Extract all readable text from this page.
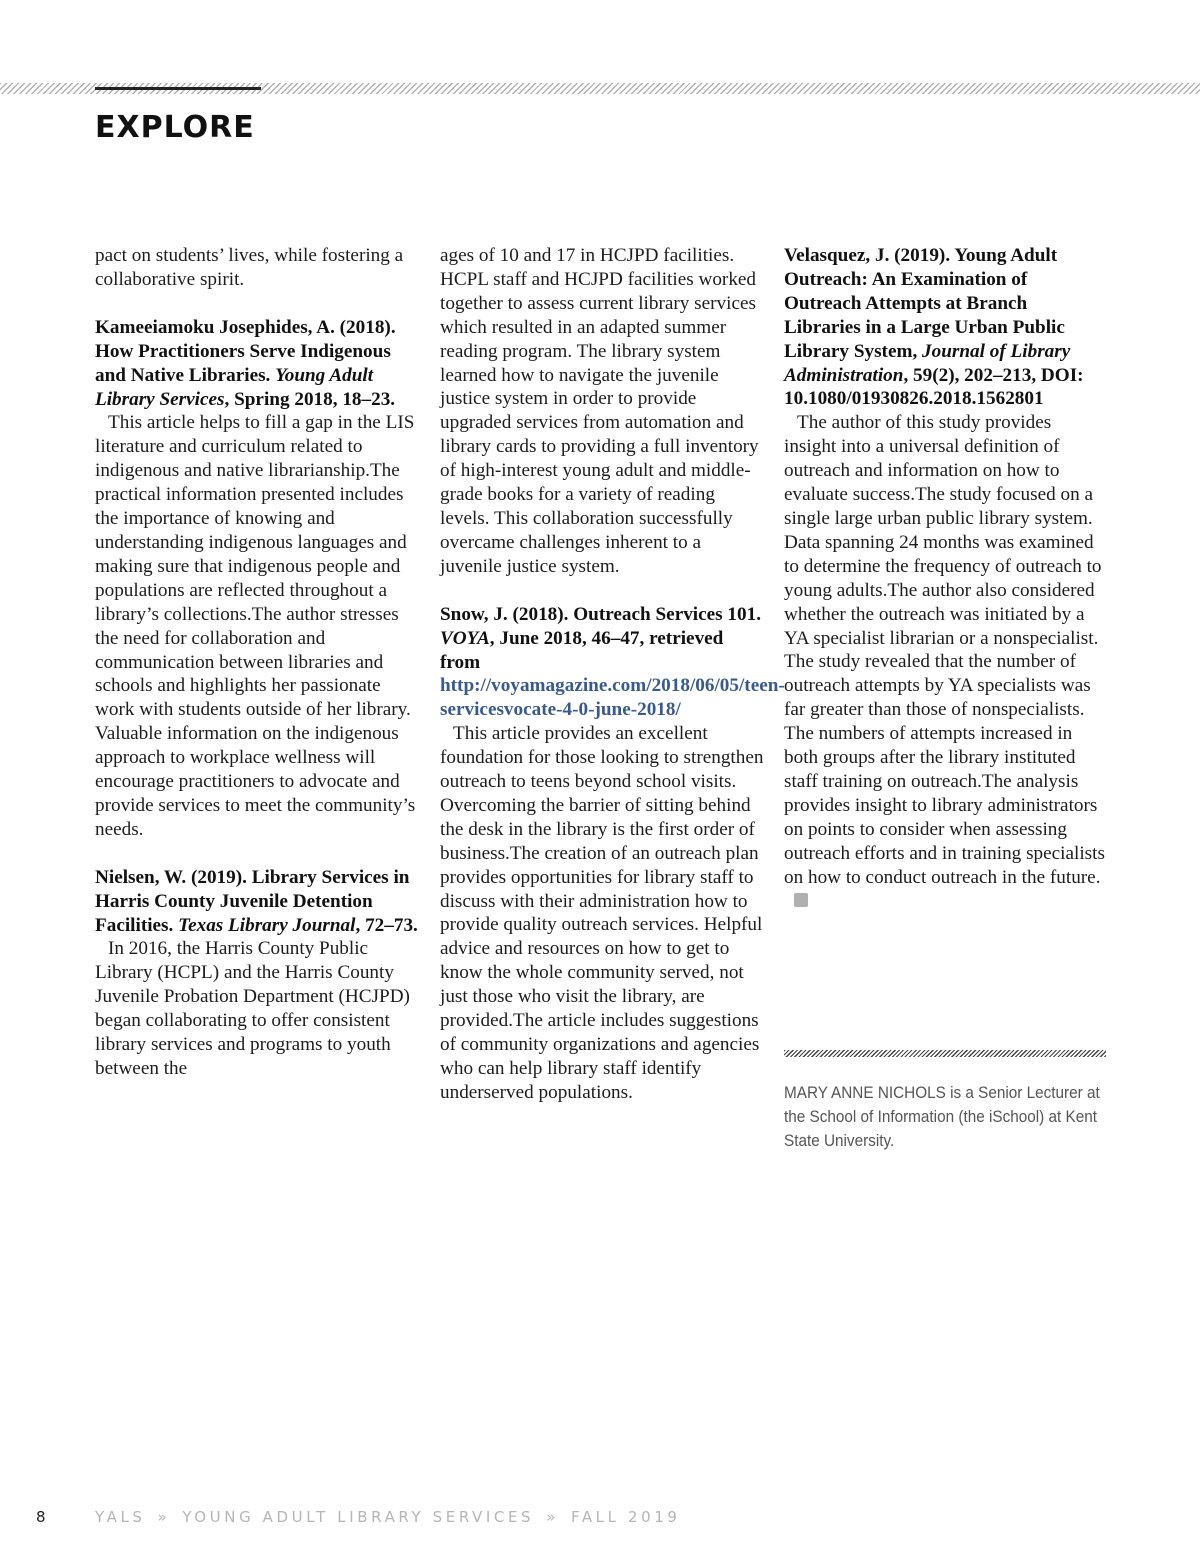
EXPLORE

pact on students’ lives, while fostering a collaborative spirit.

Kameeiamoku Josephides, A. (2018). How Practitioners Serve Indigenous and Native Libraries. Young Adult Library Services, Spring 2018, 18–23.

This article helps to fill a gap in the LIS literature and curriculum related to indigenous and native librarianship.The practical information presented includes the importance of knowing and understanding indigenous languages and making sure that indigenous people and populations are reflected throughout a library’s collections.The author stresses the need for collaboration and communication between libraries and schools and highlights her passionate work with students outside of her library. Valuable information on the indigenous approach to workplace wellness will encourage practitioners to advocate and provide services to meet the community’s needs.

Nielsen, W. (2019). Library Services in Harris County Juvenile Detention Facilities. Texas Library Journal, 72–73.

In 2016, the Harris County Public Library (HCPL) and the Harris County Juvenile Probation Department (HCJPD) began collaborating to offer consistent library services and programs to youth between the

ages of 10 and 17 in HCJPD facilities. HCPL staff and HCJPD facilities worked together to assess current library services which resulted in an adapted summer reading program. The library system learned how to navigate the juvenile justice system in order to provide upgraded services from automation and library cards to providing a full inventory of high-interest young adult and middle-grade books for a variety of reading levels. This collaboration successfully overcame challenges inherent to a juvenile justice system.

Snow, J. (2018). Outreach Services 101. VOYA, June 2018, 46–47, retrieved from http://voyamagazine.com/2018/06/05/teen-servicesvocate-4-0-june-2018/

This article provides an excellent foundation for those looking to strengthen outreach to teens beyond school visits. Overcoming the barrier of sitting behind the desk in the library is the first order of business.The creation of an outreach plan provides opportunities for library staff to discuss with their administration how to provide quality outreach services. Helpful advice and resources on how to get to know the whole community served, not just those who visit the library, are provided.The article includes suggestions of community organizations and agencies who can help library staff identify underserved populations.

Velasquez, J. (2019). Young Adult Outreach: An Examination of Outreach Attempts at Branch Libraries in a Large Urban Public Library System, Journal of Library Administration, 59(2), 202–213, DOI: 10.1080/01930826.2018.1562801

The author of this study provides insight into a universal definition of outreach and information on how to evaluate success.The study focused on a single large urban public library system. Data spanning 24 months was examined to determine the frequency of outreach to young adults.The author also considered whether the outreach was initiated by a YA specialist librarian or a nonspecialist. The study revealed that the number of outreach attempts by YA specialists was far greater than those of nonspecialists. The numbers of attempts increased in both groups after the library instituted staff training on outreach.The analysis provides insight to library administrators on points to consider when assessing outreach efforts and in training specialists on how to conduct outreach in the future.

MARY ANNE NICHOLS is a Senior Lecturer at the School of Information (the iSchool) at Kent State University.

8	YALS » YOUNG ADULT LIBRARY SERVICES » FALL 2019
